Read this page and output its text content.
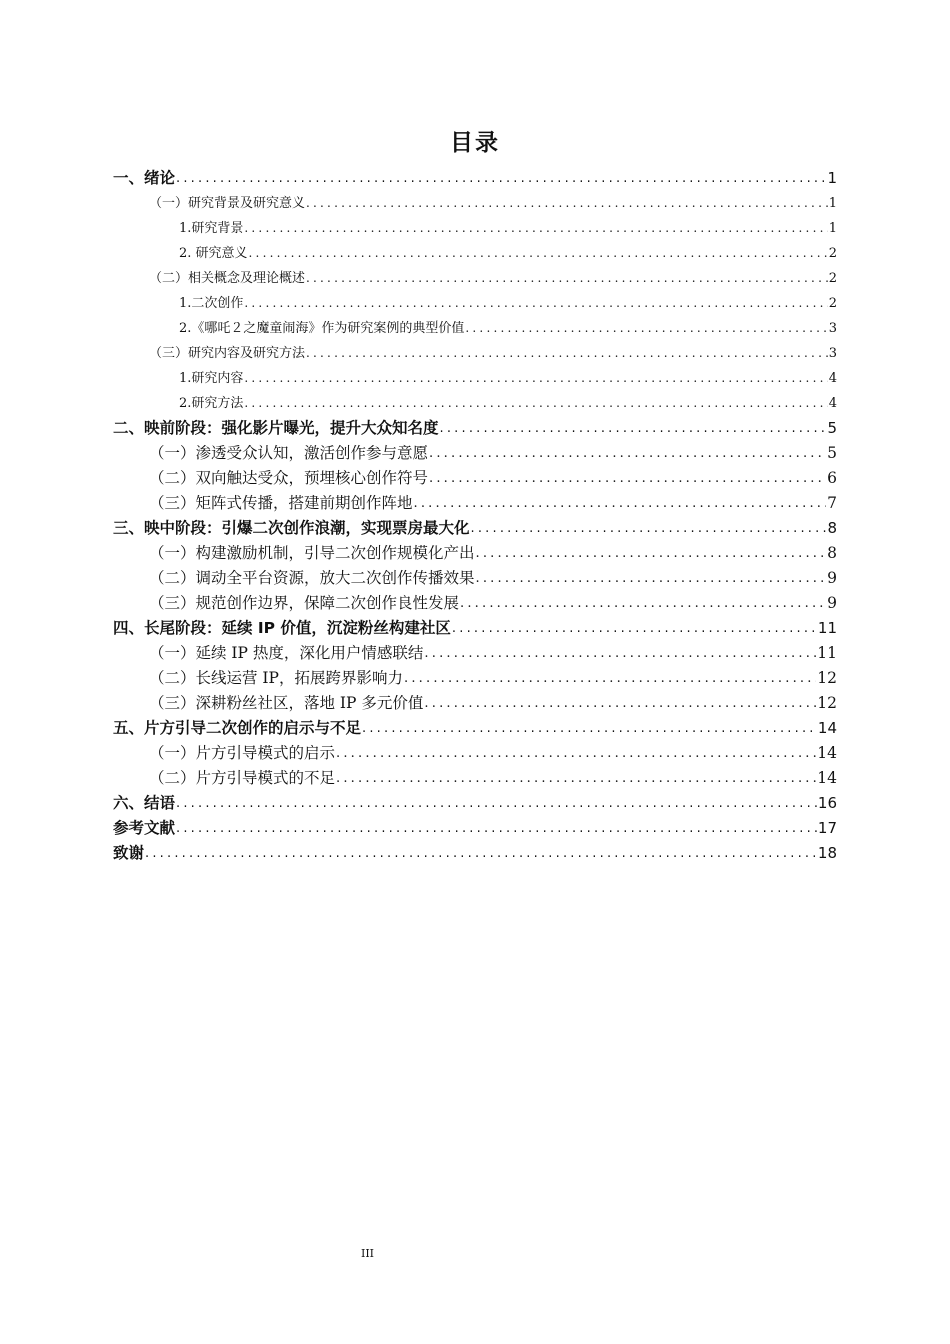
目录
一、绪论 .....	1
（一）研究背景及研究意义 .....	1
1.研究背景 .....	1
2. 研究意义 .....	2
（二）相关概念及理论概述 .....	2
1.二次创作 .....	2
2.《哪吒２之魔童闹海》作为研究案例的典型价值 .....	3
（三）研究内容及研究方法 .....	3
1.研究内容 .....	4
2.研究方法 .....	4
二、映前阶段：强化影片曝光，提升大众知名度 .....	5
（一）渗透受众认知，激活创作参与意愿 .....	5
（二）双向触达受众，预埋核心创作符号 .....	6
（三）矩阵式传播，搭建前期创作阵地 .....	7
三、映中阶段：引爆二次创作浪潮，实现票房最大化 .....	8
（一）构建激励机制，引导二次创作规模化产出 .....	8
（二）调动全平台资源，放大二次创作传播效果 .....	9
（三）规范创作边界，保障二次创作良性发展 .....	9
四、长尾阶段：延续 IP 价值，沉淀粉丝构建社区 .....	11
（一）延续 IP 热度，深化用户情感联结 .....	11
（二）长线运营 IP，拓展跨界影响力 .....	12
（三）深耕粉丝社区，落地 IP 多元价值 .....	12
五、片方引导二次创作的启示与不足 .....	14
（一）片方引导模式的启示 .....	14
（二）片方引导模式的不足 .....	14
六、结语 .....	16
参考文献 .....	17
致谢 .....	18
III
